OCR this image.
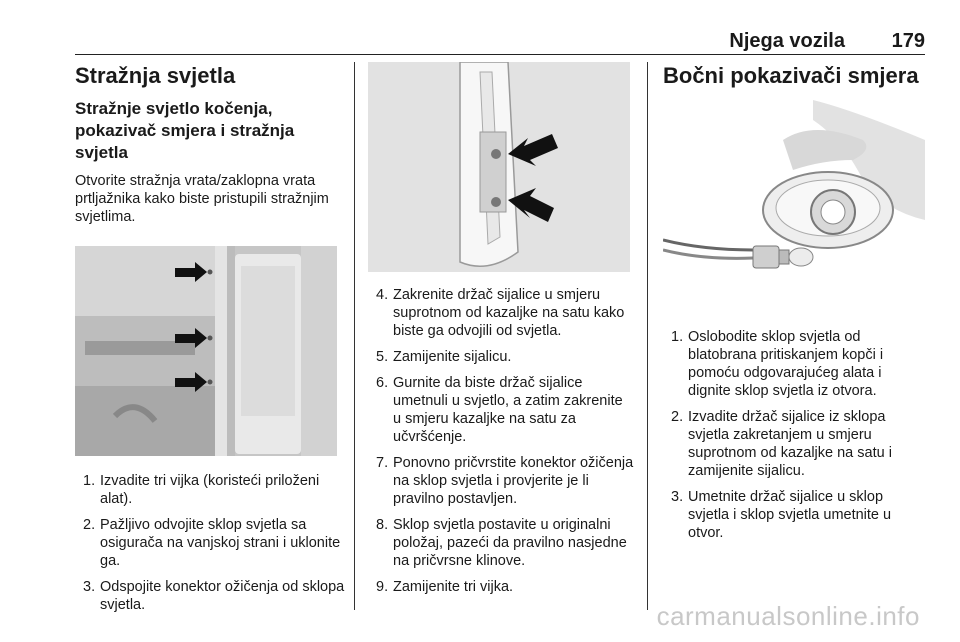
Njega vozila 179
Stražnja svjetla
Stražnje svjetlo kočenja, pokazivač smjera i stražnja svjetla

Otvorite stražnja vrata/zaklopna vrata prtljažnika kako biste pristupili stražnjim svjetlima.

1. Izvadite tri vijka (koristeći priloženi alat).
2. Pažljivo odvojite sklop svjetla sa osigurača na vanjskoj strani i uklonite ga.
3. Odspojite konektor ožičenja od sklopa svjetla.
4. Zakrenite držač sijalice u smjeru suprotnom od kazaljke na satu kako biste ga odvojili od svjetla.
5. Zamijenite sijalicu.
6. Gurnite da biste držač sijalice umetnuli u svjetlo, a zatim zakrenite u smjeru kazaljke na satu za učvršćenje.
7. Ponovno pričvrstite konektor ožičenja na sklop svjetla i provjerite je li pravilno postavljen.
8. Sklop svjetla postavite u originalni položaj, pazeći da pravilno nasjedne na pričvrsne klinove.
9. Zamijenite tri vijka.
Bočni pokazivači smjera
1. Oslobodite sklop svjetla od blatobrana pritiskanjem kopči i pomoću odgovarajućeg alata i dignite sklop svjetla iz otvora.
2. Izvadite držač sijalice iz sklopa svjetla zakretanjem u smjeru suprotnom od kazaljke na satu i zamijenite sijalicu.
3. Umetnite držač sijalice u sklop svjetla i sklop svjetla umetnite u otvor.
carmanualsonline.info
